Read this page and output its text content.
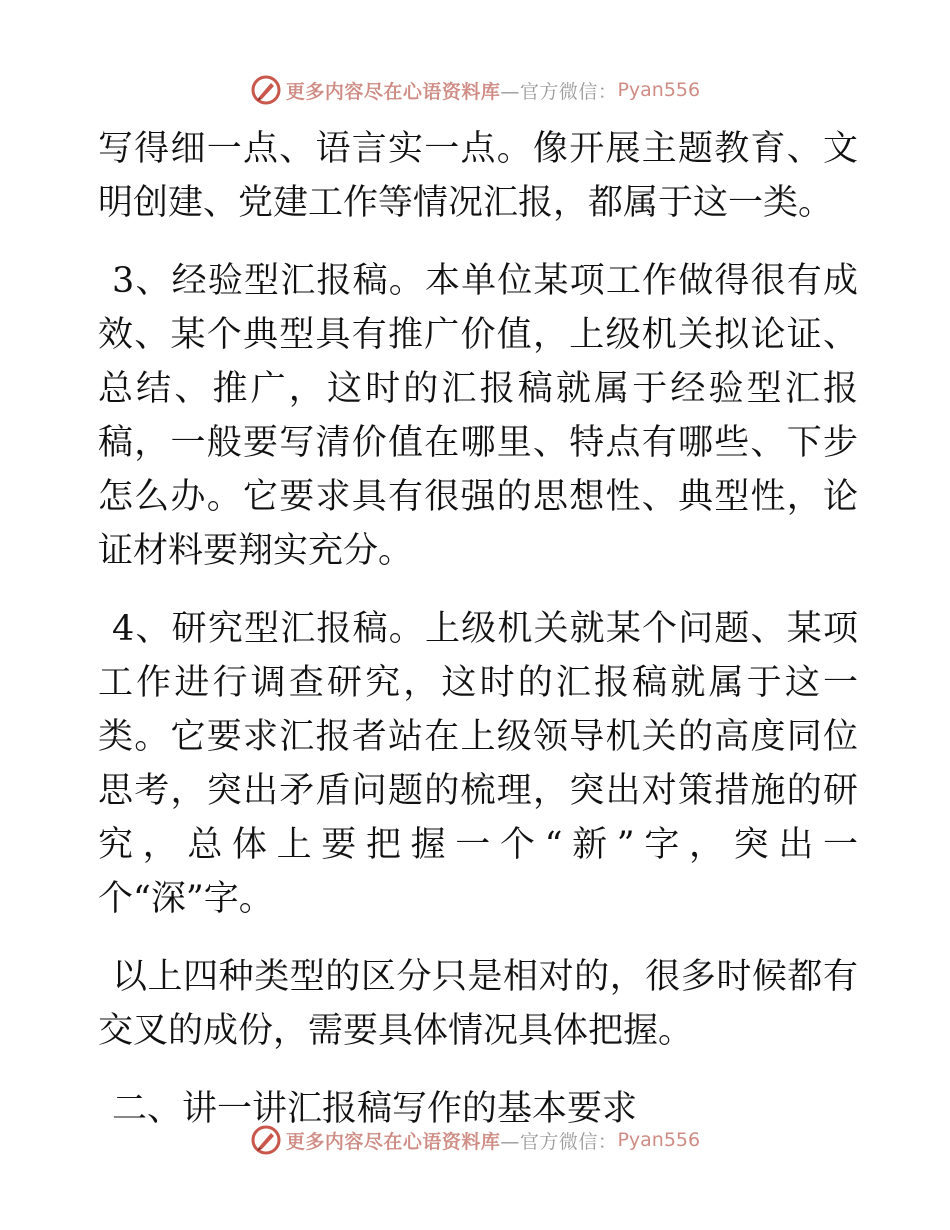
更多内容尽在心语资料库 —官方微信： Pyan556

写得细一点、语言实一点。像开展主题教育、文明创建、党建工作等情况汇报，都属于这一类。

3、经验型汇报稿。本单位某项工作做得很有成效、某个典型具有推广价值，上级机关拟论证、总结、推广，这时的汇报稿就属于经验型汇报稿，一般要写清价值在哪里、特点有哪些、下步怎么办。它要求具有很强的思想性、典型性，论证材料要翔实充分。

4、研究型汇报稿。上级机关就某个问题、某项工作进行调查研究，这时的汇报稿就属于这一类。它要求汇报者站在上级领导机关的高度同位思考，突出矛盾问题的梳理，突出对策措施的研究，总体上要把握一个“新”字，突出一个“深”字。

以上四种类型的区分只是相对的，很多时候都有交叉的成份，需要具体情况具体把握。

二、讲一讲汇报稿写作的基本要求

更多内容尽在心语资料库 —官方微信： Pyan556
